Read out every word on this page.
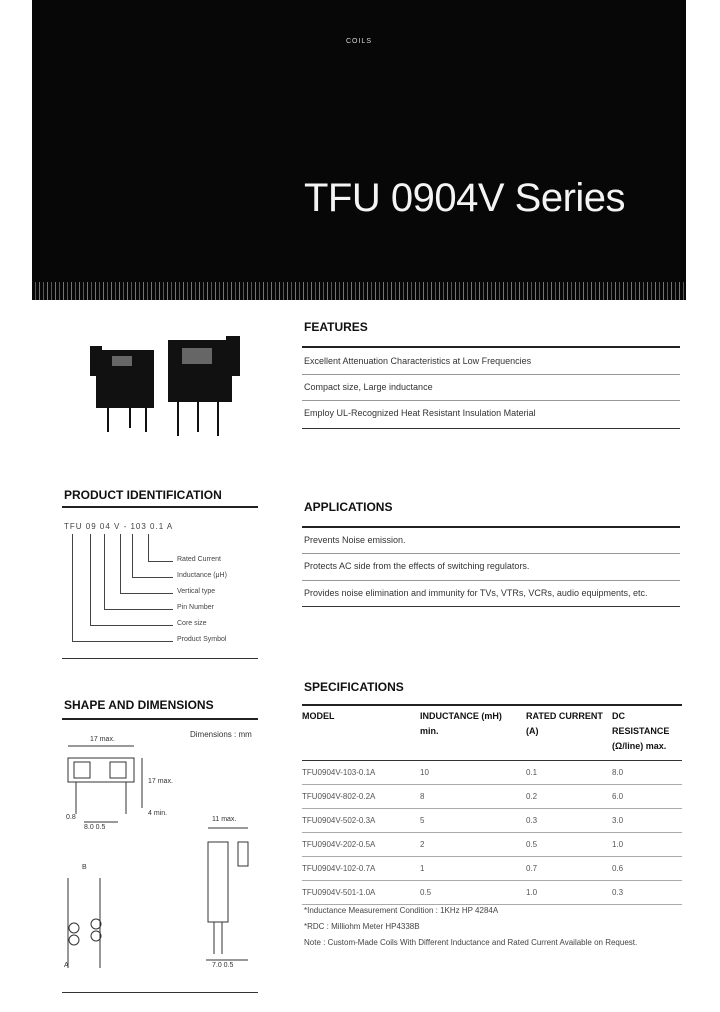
COILS
TFU 0904V Series
FEATURES
Excellent Attenuation Characteristics at Low Frequencies
Compact size, Large inductance
Employ UL-Recognized Heat Resistant Insulation Material
PRODUCT IDENTIFICATION
TFU 09 04 V - 103 0.1 A
Rated Current
Inductance (μH)
Vertical type
Pin Number
Core size
Product Symbol
APPLICATIONS
Prevents Noise emission.
Protects AC side from the effects of switching regulators.
Provides noise elimination and immunity for TVs, VTRs, VCRs, audio equipments, etc.
SHAPE AND DIMENSIONS
Dimensions : mm
17 max.
17 max.
4 min.
0.8
8.0 0.5
11 max.
7.0 0.5
B
A
SPECIFICATIONS
MODEL	INDUCTANCE (mH) min.	RATED CURRENT (A)	DC RESISTANCE (Ω/line) max.
TFU0904V-103-0.1A	10	0.1	8.0
TFU0904V-802-0.2A	8	0.2	6.0
TFU0904V-502-0.3A	5	0.3	3.0
TFU0904V-202-0.5A	2	0.5	1.0
TFU0904V-102-0.7A	1	0.7	0.6
TFU0904V-501-1.0A	0.5	1.0	0.3
*Inductance Measurement Condition : 1KHz HP 4284A
*RDC : Milliohm Meter HP4338B
Note : Custom-Made Coils With Different Inductance and Rated Current Available on Request.
